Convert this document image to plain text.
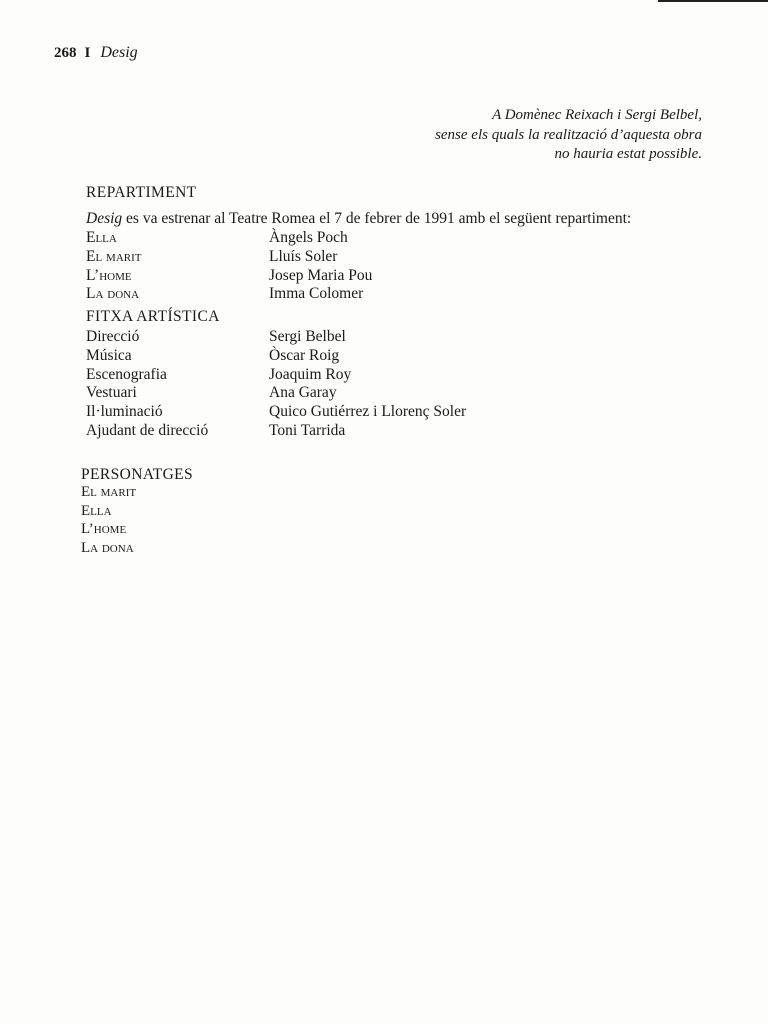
268 I Desig
A Domènec Reixach i Sergi Belbel,
sense els quals la realització d’aquesta obra
no hauria estat possible.
REPARTIMENT
Desig es va estrenar al Teatre Romea el 7 de febrer de 1991 amb el següent repartiment:
Ella	Àngels Poch
El marit	Lluís Soler
L’home	Josep Maria Pou
La dona	Imma Colomer
FITXA ARTÍSTICA
Direcció	Sergi Belbel
Música	Òscar Roig
Escenografia	Joaquim Roy
Vestuari	Ana Garay
Il·luminació	Quico Gutiérrez i Llorenç Soler
Ajudant de direcció	Toni Tarrida
PERSONATGES
El marit
Ella
L’home
La dona
